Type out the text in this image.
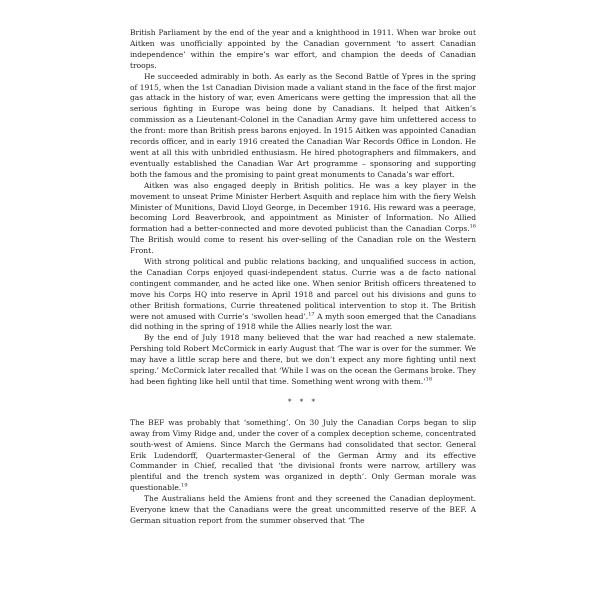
British Parliament by the end of the year and a knighthood in 1911. When war broke out Aitken was unofficially appointed by the Canadian government ‘to assert Canadian independence’ within the empire’s war effort, and champion the deeds of Canadian troops.

He succeeded admirably in both. As early as the Second Battle of Ypres in the spring of 1915, when the 1st Canadian Division made a valiant stand in the face of the first major gas attack in the history of war, even Americans were getting the impression that all the serious fighting in Europe was being done by Canadians. It helped that Aitken’s commission as a Lieutenant-Colonel in the Canadian Army gave him unfettered access to the front: more than British press barons enjoyed. In 1915 Aitken was appointed Canadian records officer, and in early 1916 created the Canadian War Records Office in London. He went at all this with unbridled enthusiasm. He hired photographers and filmmakers, and eventually established the Canadian War Art programme – sponsoring and supporting both the famous and the promising to paint great monuments to Canada’s war effort.

Aitken was also engaged deeply in British politics. He was a key player in the movement to unseat Prime Minister Herbert Asquith and replace him with the fiery Welsh Minister of Munitions, David Lloyd George, in December 1916. His reward was a peerage, becoming Lord Beaverbrook, and appointment as Minister of Information. No Allied formation had a better-connected and more devoted publicist than the Canadian Corps.$^{16}$ The British would come to resent his over-selling of the Canadian role on the Western Front.

With strong political and public relations backing, and unqualified success in action, the Canadian Corps enjoyed quasi-independent status. Currie was a de facto national contingent commander, and he acted like one. When senior British officers threatened to move his Corps HQ into reserve in April 1918 and parcel out his divisions and guns to other British formations, Currie threatened political intervention to stop it. The British were not amused with Currie’s ‘swollen head’.$^{17}$ A myth soon emerged that the Canadians did nothing in the spring of 1918 while the Allies nearly lost the war.

By the end of July 1918 many believed that the war had reached a new stalemate. Pershing told Robert McCormick in early August that ‘The war is over for the summer. We may have a little scrap here and there, but we don’t expect any more fighting until next spring.’ McCormick later recalled that ‘While I was on the ocean the Germans broke. They had been fighting like hell until that time. Something went wrong with them.’$^{18}$

* * *

The BEF was probably that ‘something’. On 30 July the Canadian Corps began to slip away from Vimy Ridge and, under the cover of a complex deception scheme, concentrated south-west of Amiens. Since March the Germans had consolidated that sector. General Erik Ludendorff, Quartermaster-General of the German Army and its effective Commander in Chief, recalled that ‘the divisional fronts were narrow, artillery was plentiful and the trench system was organized in depth’. Only German morale was questionable.$^{19}$

The Australians held the Amiens front and they screened the Canadian deployment. Everyone knew that the Canadians were the great uncommitted reserve of the BEF. A German situation report from the summer observed that ‘The
